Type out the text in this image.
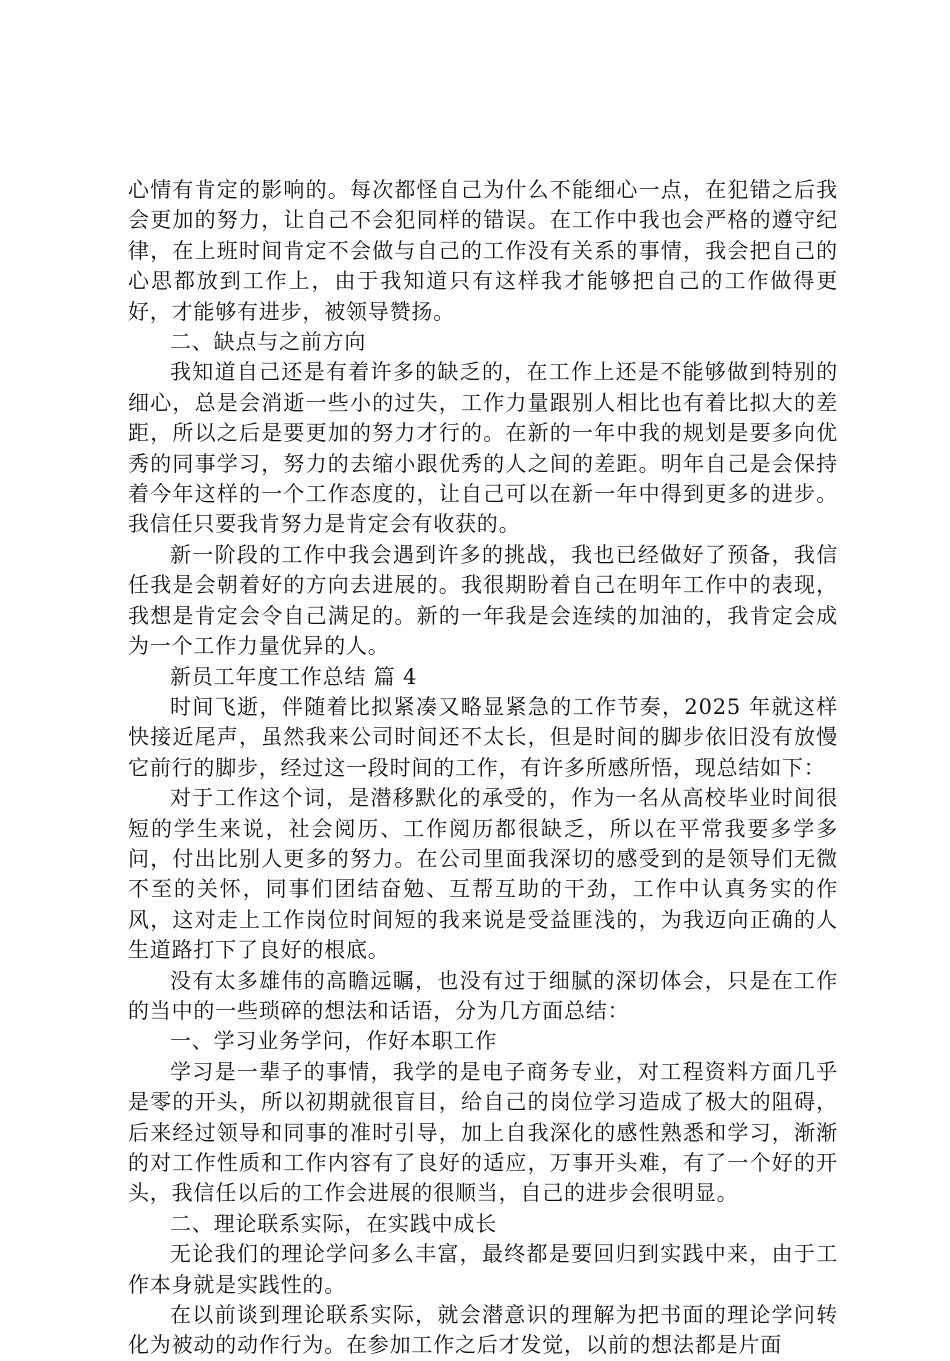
心情有肯定的影响的。每次都怪自己为什么不能细心一点，在犯错之后我会更加的努力，让自己不会犯同样的错误。在工作中我也会严格的遵守纪律，在上班时间肯定不会做与自己的工作没有关系的事情，我会把自己的心思都放到工作上，由于我知道只有这样我才能够把自己的工作做得更好，才能够有进步，被领导赞扬。

二、缺点与之前方向

我知道自己还是有着许多的缺乏的，在工作上还是不能够做到特别的细心，总是会消逝一些小的过失，工作力量跟别人相比也有着比拟大的差距，所以之后是要更加的努力才行的。在新的一年中我的规划是要多向优秀的同事学习，努力的去缩小跟优秀的人之间的差距。明年自己是会保持着今年这样的一个工作态度的，让自己可以在新一年中得到更多的进步。我信任只要我肯努力是肯定会有收获的。

新一阶段的工作中我会遇到许多的挑战，我也已经做好了预备，我信任我是会朝着好的方向去进展的。我很期盼着自己在明年工作中的表现，我想是肯定会令自己满足的。新的一年我是会连续的加油的，我肯定会成为一个工作力量优异的人。

新员工年度工作总结 篇 4

时间飞逝，伴随着比拟紧凑又略显紧急的工作节奏，2025 年就这样快接近尾声，虽然我来公司时间还不太长，但是时间的脚步依旧没有放慢它前行的脚步，经过这一段时间的工作，有许多所感所悟，现总结如下：

对于工作这个词，是潜移默化的承受的，作为一名从高校毕业时间很短的学生来说，社会阅历、工作阅历都很缺乏，所以在平常我要多学多问，付出比别人更多的努力。在公司里面我深切的感受到的是领导们无微不至的关怀，同事们团结奋勉、互帮互助的干劲，工作中认真务实的作风，这对走上工作岗位时间短的我来说是受益匪浅的，为我迈向正确的人生道路打下了良好的根底。

没有太多雄伟的高瞻远瞩，也没有过于细腻的深切体会，只是在工作的当中的一些琐碎的想法和话语，分为几方面总结：

一、学习业务学问，作好本职工作

学习是一辈子的事情，我学的是电子商务专业，对工程资料方面几乎是零的开头，所以初期就很盲目，给自己的岗位学习造成了极大的阻碍，后来经过领导和同事的准时引导，加上自我深化的感性熟悉和学习，渐渐的对工作性质和工作内容有了良好的适应，万事开头难，有了一个好的开头，我信任以后的工作会进展的很顺当，自己的进步会很明显。

二、理论联系实际，在实践中成长

无论我们的理论学问多么丰富，最终都是要回归到实践中来，由于工作本身就是实践性的。

在以前谈到理论联系实际，就会潜意识的理解为把书面的理论学问转化为被动的动作行为。在参加工作之后才发觉，以前的想法都是片面
